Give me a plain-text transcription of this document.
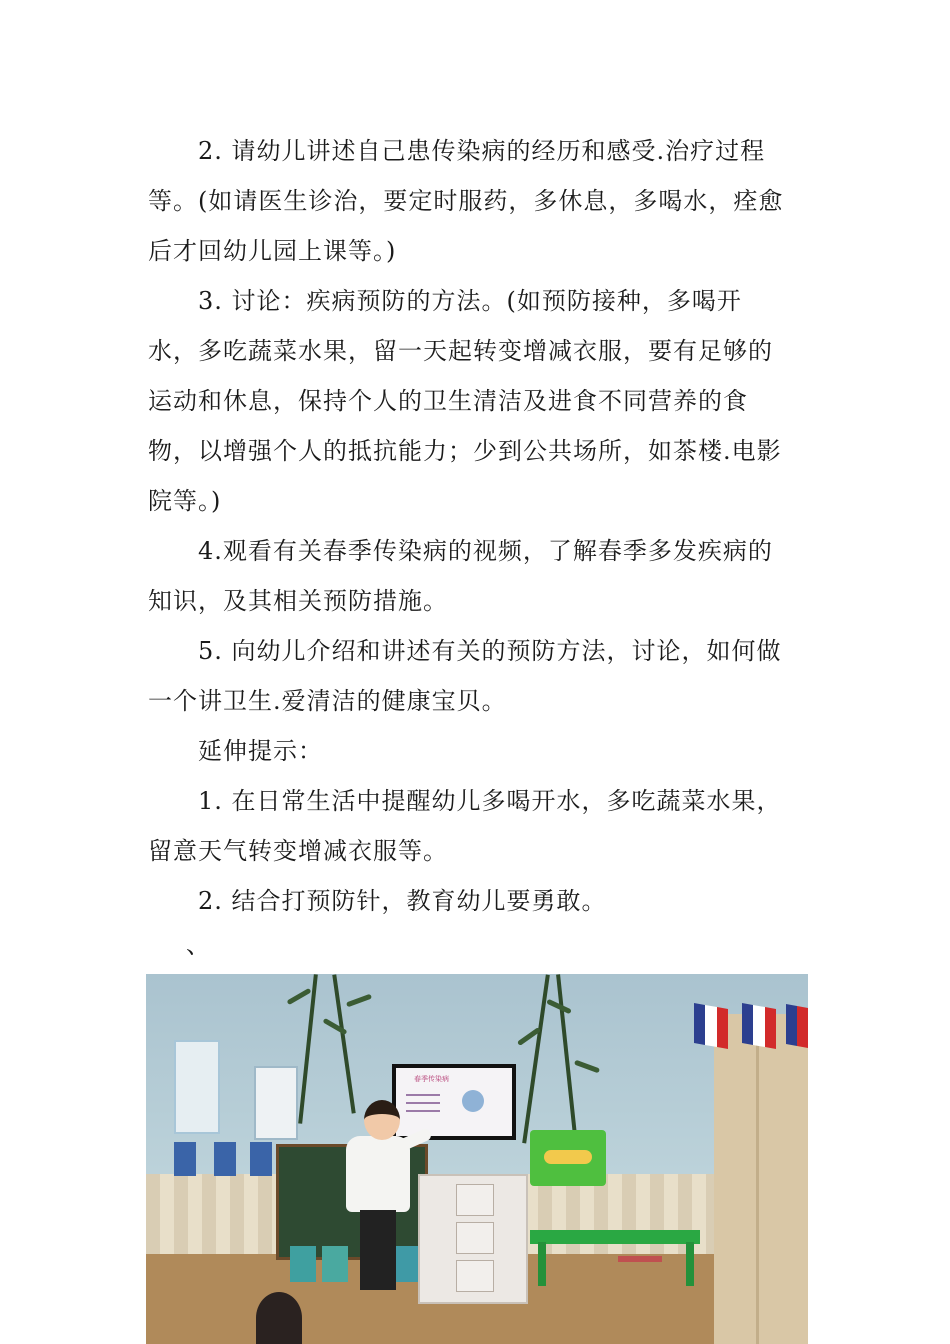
2. 请幼儿讲述自己患传染病的经历和感受.治疗过程
等。(如请医生诊治，要定时服药，多休息，多喝水，痊愈
后才回幼儿园上课等。)

3. 讨论：疾病预防的方法。(如预防接种，多喝开
水，多吃蔬菜水果，留一天起转变增减衣服，要有足够的
运动和休息，保持个人的卫生清洁及进食不同营养的食
物，以增强个人的抵抗能力；少到公共场所，如茶楼.电影
院等。)

4.观看有关春季传染病的视频，了解春季多发疾病的
知识，及其相关预防措施。

5. 向幼儿介绍和讲述有关的预防方法，讨论，如何做
一个讲卫生.爱清洁的健康宝贝。

延伸提示：

1. 在日常生活中提醒幼儿多喝开水，多吃蔬菜水果，
留意天气转变增减衣服等。

2. 结合打预防针，教育幼儿要勇敢。

、
春季传染病
